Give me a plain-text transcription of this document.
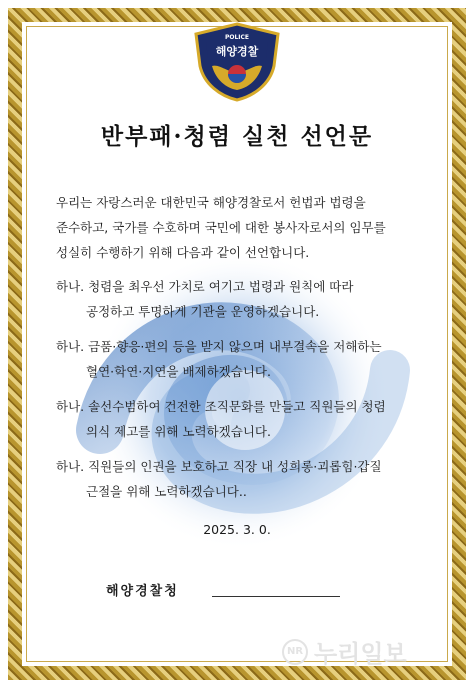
POLICE
해양경찰
반부패·청렴 실천 선언문
우리는 자랑스러운 대한민국 해양경찰로서 헌법과 법령을
준수하고, 국가를 수호하며 국민에 대한 봉사자로서의 임무를
성실히 수행하기 위해 다음과 같이 선언합니다.
하나. 청렴을 최우선 가치로 여기고 법령과 원칙에 따라
공정하고 투명하게 기관을 운영하겠습니다.
하나. 금품·향응·편의 등을 받지 않으며 내부결속을 저해하는
혈연·학연·지연을 배제하겠습니다.
하나. 솔선수범하여 건전한 조직문화를 만들고 직원들의 청렴
의식 제고를 위해 노력하겠습니다.
하나. 직원들의 인권을 보호하고 직장 내 성희롱·괴롭힘·갑질
근절을 위해 노력하겠습니다..
2025. 3. 0.
해양경찰청
NR 누리일보
